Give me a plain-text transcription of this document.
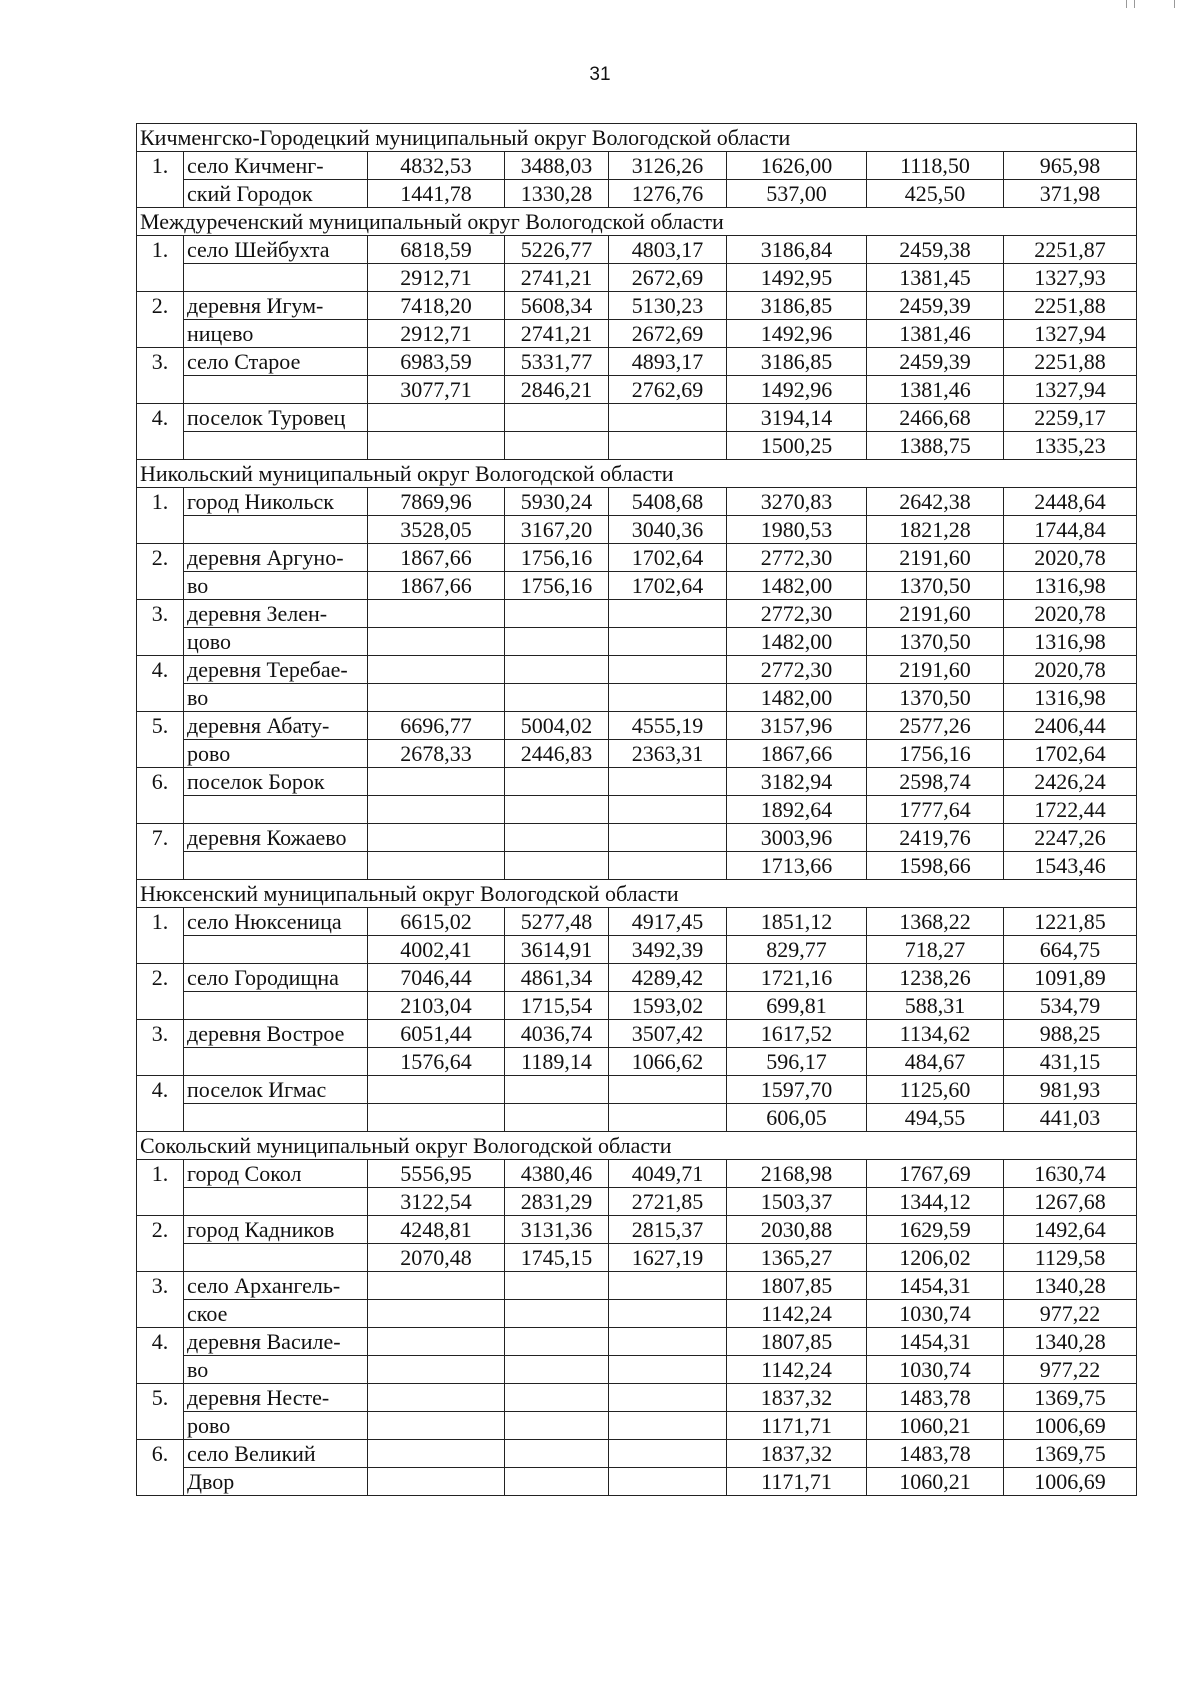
31
Кичменгско-Городецкий муниципальный округ Вологодской области							
1.	село Кичменг-	4832,53	3488,03	3126,26	1626,00	1118,50	965,98
	ский Городок	1441,78	1330,28	1276,76	537,00	425,50	371,98
Междуреченский муниципальный округ Вологодской области							
1.	село Шейбухта	6818,59	5226,77	4803,17	3186,84	2459,38	2251,87
		2912,71	2741,21	2672,69	1492,95	1381,45	1327,93
2.	деревня Игум-	7418,20	5608,34	5130,23	3186,85	2459,39	2251,88
	ницево	2912,71	2741,21	2672,69	1492,96	1381,46	1327,94
3.	село Старое	6983,59	5331,77	4893,17	3186,85	2459,39	2251,88
		3077,71	2846,21	2762,69	1492,96	1381,46	1327,94
4.	поселок Туровец				3194,14	2466,68	2259,17
					1500,25	1388,75	1335,23
Никольский муниципальный округ Вологодской области							
1.	город Никольск	7869,96	5930,24	5408,68	3270,83	2642,38	2448,64
		3528,05	3167,20	3040,36	1980,53	1821,28	1744,84
2.	деревня Аргуно-	1867,66	1756,16	1702,64	2772,30	2191,60	2020,78
	во	1867,66	1756,16	1702,64	1482,00	1370,50	1316,98
3.	деревня Зелен-				2772,30	2191,60	2020,78
	цово				1482,00	1370,50	1316,98
4.	деревня Теребае-				2772,30	2191,60	2020,78
	во				1482,00	1370,50	1316,98
5.	деревня Абату-	6696,77	5004,02	4555,19	3157,96	2577,26	2406,44
	рово	2678,33	2446,83	2363,31	1867,66	1756,16	1702,64
6.	поселок Борок				3182,94	2598,74	2426,24
					1892,64	1777,64	1722,44
7.	деревня Кожаево				3003,96	2419,76	2247,26
					1713,66	1598,66	1543,46
Нюксенский муниципальный округ Вологодской области							
1.	село Нюксеница	6615,02	5277,48	4917,45	1851,12	1368,22	1221,85
		4002,41	3614,91	3492,39	829,77	718,27	664,75
2.	село Городищна	7046,44	4861,34	4289,42	1721,16	1238,26	1091,89
		2103,04	1715,54	1593,02	699,81	588,31	534,79
3.	деревня Вострое	6051,44	4036,74	3507,42	1617,52	1134,62	988,25
		1576,64	1189,14	1066,62	596,17	484,67	431,15
4.	поселок Игмас				1597,70	1125,60	981,93
					606,05	494,55	441,03
Сокольский муниципальный округ Вологодской области							
1.	город Сокол	5556,95	4380,46	4049,71	2168,98	1767,69	1630,74
		3122,54	2831,29	2721,85	1503,37	1344,12	1267,68
2.	город Кадников	4248,81	3131,36	2815,37	2030,88	1629,59	1492,64
		2070,48	1745,15	1627,19	1365,27	1206,02	1129,58
3.	село Архангель-				1807,85	1454,31	1340,28
	ское				1142,24	1030,74	977,22
4.	деревня Василе-				1807,85	1454,31	1340,28
	во				1142,24	1030,74	977,22
5.	деревня Несте-				1837,32	1483,78	1369,75
	рово				1171,71	1060,21	1006,69
6.	село Великий				1837,32	1483,78	1369,75
	Двор				1171,71	1060,21	1006,69
